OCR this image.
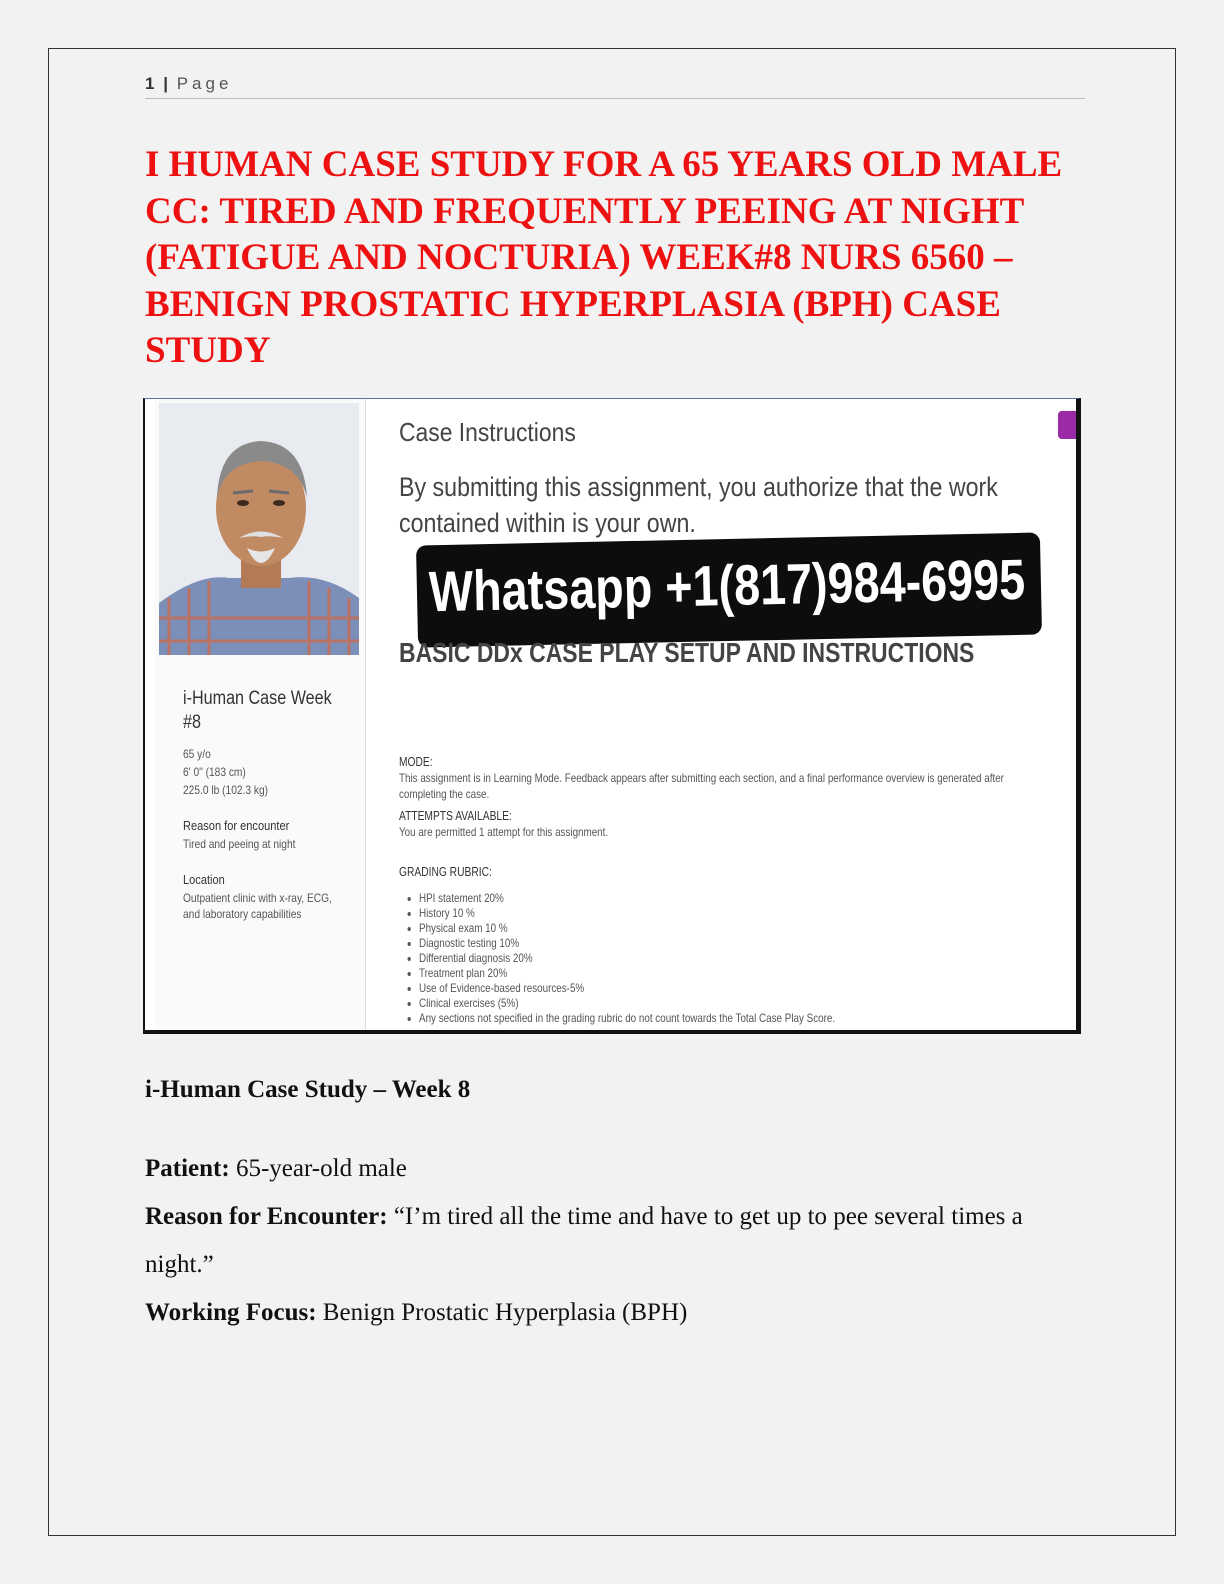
1 | Page
I HUMAN CASE STUDY FOR A 65 YEARS OLD MALE CC: TIRED AND FREQUENTLY PEEING AT NIGHT (FATIGUE AND NOCTURIA) WEEK#8 NURS 6560 – BENIGN PROSTATIC HYPERPLASIA (BPH) CASE STUDY
i-Human Case Week #8
65 y/o
6' 0" (183 cm)
225.0 lb (102.3 kg)
Reason for encounter
Tired and peeing at night
Location
Outpatient clinic with x-ray, ECG,
and laboratory capabilities
Case Instructions
By submitting this assignment, you authorize that the work contained within is your own.
Whatsapp +1(817)984-6995
BASIC DDx CASE PLAY SETUP AND INSTRUCTIONS
MODE:
This assignment is in Learning Mode. Feedback appears after submitting each section, and a final performance overview is generated after
completing the case.
ATTEMPTS AVAILABLE:
You are permitted 1 attempt for this assignment.
GRADING RUBRIC:
• HPI statement 20%
• History 10 %
• Physical exam 10 %
• Diagnostic testing 10%
• Differential diagnosis 20%
• Treatment plan 20%
• Use of Evidence-based resources-5%
• Clinical exercises (5%)
• Any sections not specified in the grading rubric do not count towards the Total Case Play Score.
i-Human Case Study – Week 8

Patient: 65-year-old male

Reason for Encounter: “I’m tired all the time and have to get up to pee several times a night.”

Working Focus: Benign Prostatic Hyperplasia (BPH)
